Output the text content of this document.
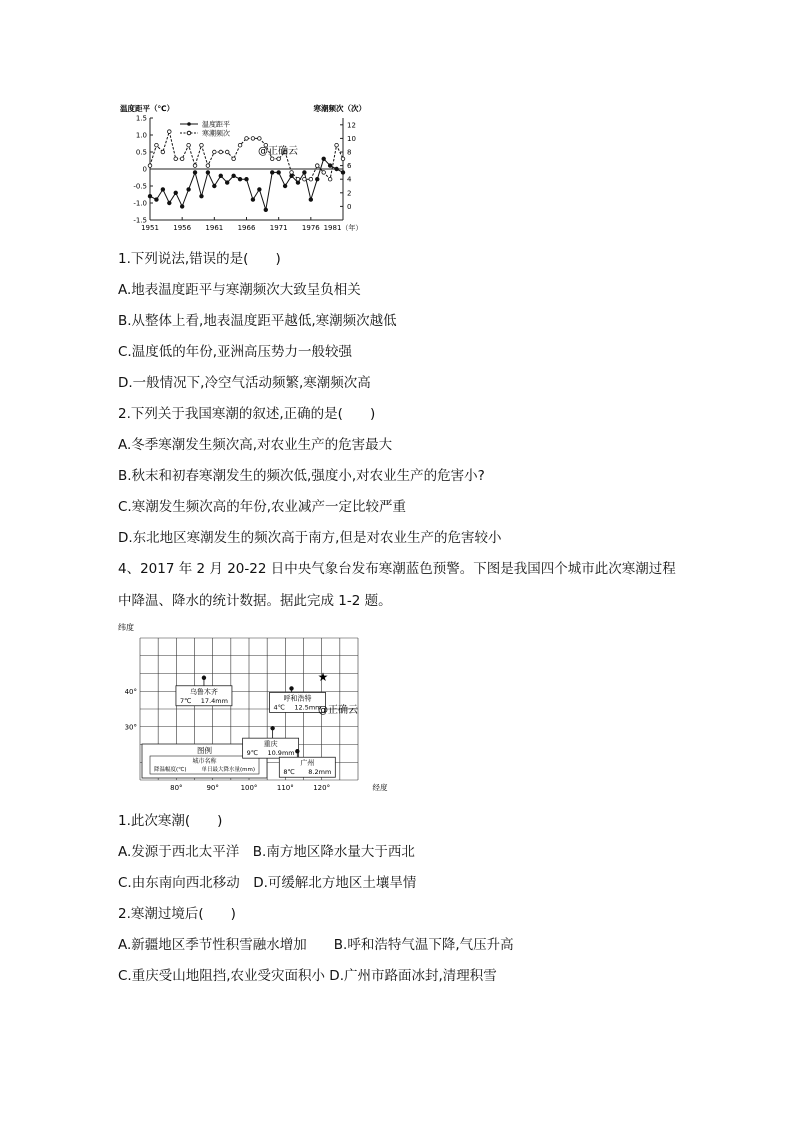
温度距平（℃）	寒潮频次（次）
1.5
1.0
0.5
0
-0.5
-1.0
-1.5
12
10
8
6
4
2
0
1951 1956 1961 1966 1971 1976 1981（年）
温度距平
寒潮频次
@正确云
1.下列说法,错误的是(　　)
A.地表温度距平与寒潮频次大致呈负相关
B.从整体上看,地表温度距平越低,寒潮频次越低
C.温度低的年份,亚洲高压势力一般较强
D.一般情况下,冷空气活动频繁,寒潮频次高
2.下列关于我国寒潮的叙述,正确的是(　　)
A.冬季寒潮发生频次高,对农业生产的危害最大
B.秋末和初春寒潮发生的频次低,强度小,对农业生产的危害小?
C.寒潮发生频次高的年份,农业减产一定比较严重
D.东北地区寒潮发生的频次高于南方,但是对农业生产的危害较小
4、2017 年 2 月 20-22 日中央气象台发布寒潮蓝色预警。下图是我国四个城市此次寒潮过程
中降温、降水的统计数据。据此完成 1-2 题。
纬度
80°	90°	100°	110°	120°	经度
40°
30°
图例
城市名称
降温幅度(℃)	单日最大降水量(mm)
乌鲁木齐
7℃ 17.4mm	呼和浩特
4℃ 12.5mm
重庆
9℃ 10.9mm
广州
8℃ 8.2mm
★
@正确云
1.此次寒潮(　　)
A.发源于西北太平洋　B.南方地区降水量大于西北
C.由东南向西北移动　D.可缓解北方地区土壤旱情
2.寒潮过境后(　　)
A.新疆地区季节性积雪融水增加　　B.呼和浩特气温下降,气压升高
C.重庆受山地阻挡,农业受灾面积小 D.广州市路面冰封,清理积雪
